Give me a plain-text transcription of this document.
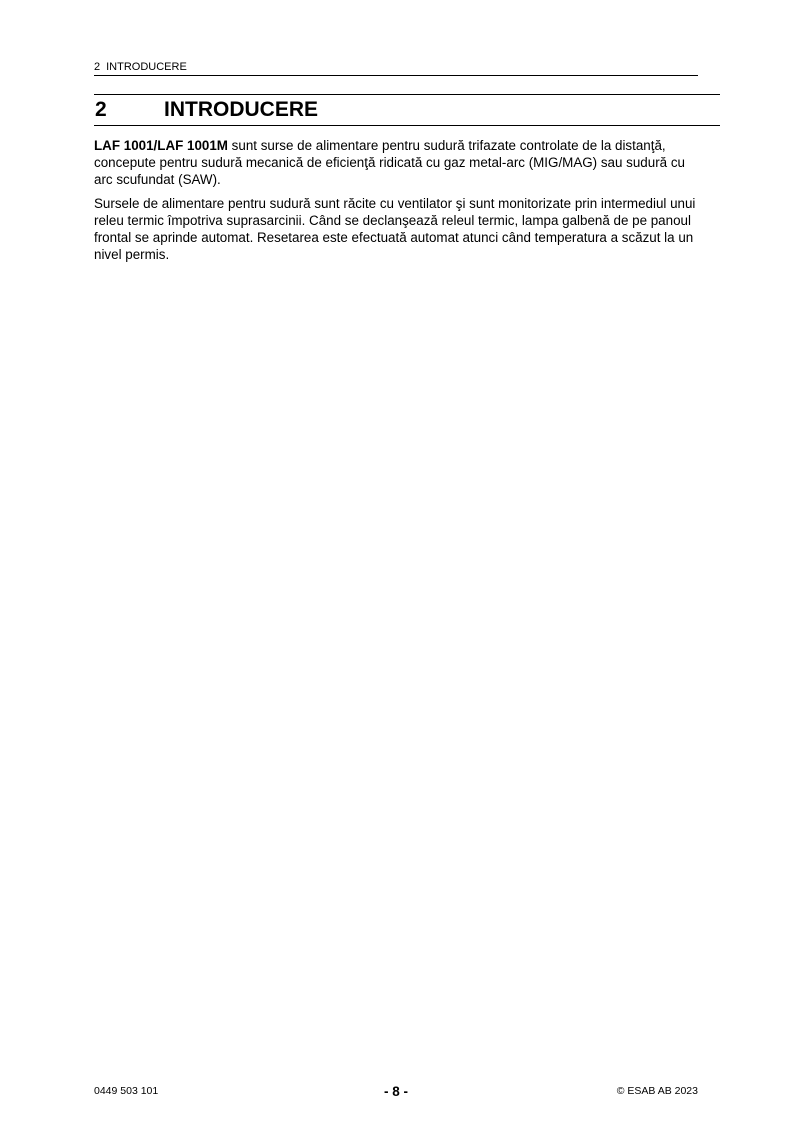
2 INTRODUCERE
2	INTRODUCERE

LAF 1001/LAF 1001M sunt surse de alimentare pentru sudură trifazate controlate de la distanţă, concepute pentru sudură mecanică de eficienţă ridicată cu gaz metal-arc (MIG/MAG) sau sudură cu arc scufundat (SAW).

Sursele de alimentare pentru sudură sunt răcite cu ventilator şi sunt monitorizate prin intermediul unui releu termic împotriva suprasarcinii. Când se declanşează releul termic, lampa galbenă de pe panoul frontal se aprinde automat. Resetarea este efectuată automat atunci când temperatura a scăzut la un nivel permis.

0449 503 101	- 8 -	© ESAB AB 2023
